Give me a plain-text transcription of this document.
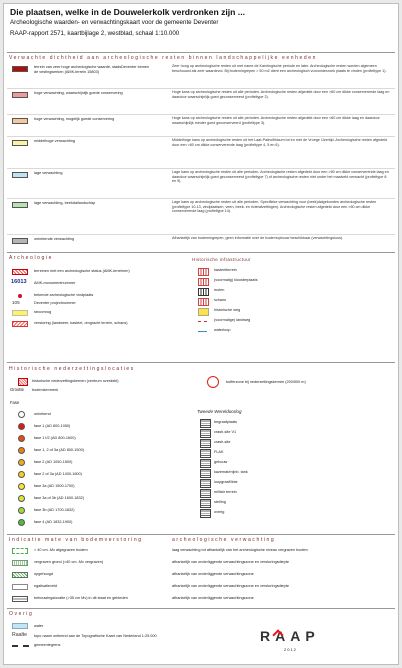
Die plaatsen, welke in de Douwelerkolk verdronken zijn ...
Archeologische waarden- en verwachtingskaart voor de gemeente Deventer
RAAP-rapport 2571, kaartbijlage 2, westblad, schaal 1:10.000
Verwachte dichtheid aan archeologische resten binnen landschappelijke eenheden
terrein van zeer hoge archeologische waarde, stadsDeventer binnen de vestingwerken (AMK-terrein 15803)
Zeer hoog op archeologische resten uit met name de Karolingische periode en later. Archeologische resten worden algemeen beschouwd als zeer waardevol. Bij bodemingrepen > 50 m2 dient een archeologisch vooronderzoek plaats te vinden (profieltype 1).
hoge verwachting, waarschijnlijk goede conservering	Hoge kans op archeologische resten uit alle perioden. Archeologische resten afgedekt door een >60 cm dikke conserverende laag en daardoor waarschijnlijk goed geconserveerd (profieltype 2).
hoge verwachting, mogelijk goede conservering	Hoge kans op archeologische resten uit alle perioden. Archeologische resten afgedekt door een <60 cm dikke laag en daardoor waarschijnlijk minder goed geconserveerd (profieltype 3).
middelhoge verwachting	Middelhoge kans op archeologische resten uit het Laat-Paleolithicum tot en met de Vroege IJzertijd. Archeologische resten afgedekt door een >60 cm dikke conserverende laag (profieltype 4, 5 en 6).
lage verwachting	Lage kans op archeologische resten uit alle perioden. Archeologische resten afgedekt door een >60 cm dikke conserverende laag en daardoor waarschijnlijk goed geconserveerd (profieltype 7) of archeologische resten niet onder het maaiveld verwacht (profieltype 8 en 9).
lage verwachting, beekdallandschap	Lage kans op archeologische resten uit alle perioden. Specifieke verwachting voor (beek)dalgebonden archeologische resten (profieltype 10-13, vindplaatsen, veen, beek- en rivierafzettingen). Archeologische resten afgedekt door een >60 cm dikke conserverende laag (profieltype 14).
onbekende verwachting	Afhankelijk van bodemingrepen, geen informatie over de bodemopbouw beschikbaar (verwachtingsloos).
Archeologie	Historische infrastructuur
terreinen met een archeologische status (AMK-terreinen)
16013 AMK-monumentnummer
bekende archeologische vindplaats
105	Deventer projectnummer
stroomrug
verstoring (landweer, kasteel, omgracht terrein, schans)
kasteelterrein
(voormalig) kloosterplaats
molen
schans
historische weg
(voormalige) landweg
waterloop
Historische nederzettingslocaties
historische nederzettingskernen (centrum overdekt)
Grootte bodemkenmerk
bufferzone bij nederzettingskernen (200/500 m)
Fase
onbekend
fase 1 (AD 800-1050)
fase 1 t/2 (AD 800-1600)
fase 1, 2 of 3a (AD 800-1500)
fase 2 (AD 1050-1500)
fase 2 of 3a (AD 1400-1600)
fase 3a (AD 1500-1700)
fase 3a of 3b (AD 1600-1832)
fase 3b (AD 1700-1832)
fase 4 (AD 1832-1900)
Tweede Wereldoorlog
begraafplaats
crash-site V1
crash-site
FLAK
gebouw
kazemat/mijnb. tank
loopgraaf/linie
militair terrein
stelling
overig
Indicatie mate van bodemverstoring	archeologische verwachting
> 40 cm -Mv afgegraven bodem	laag verwachting tot afhankelijk van het archeologische niveau vergraven bodem
vergraven grond (>40 cm -Mv vergraven)	afhankelijk van onderliggende verwachtingszone en verstoringsdiepte
opgehoogd	afhankelijk van onderliggende verwachtingszone
egalisatieveld	afhankelijk van onderliggende verwachtingszone en verstoringsdiepte
bebouwingslocatie (>35 cm Mv) in dit staat en gebieden	afhankelijk van onderliggende verwachtingszone
Overig
water
Raalte topo naam ontleend aan de Topografische Kaart van Nederland 1:25.000
gemeentegrens
RAAP
2012
